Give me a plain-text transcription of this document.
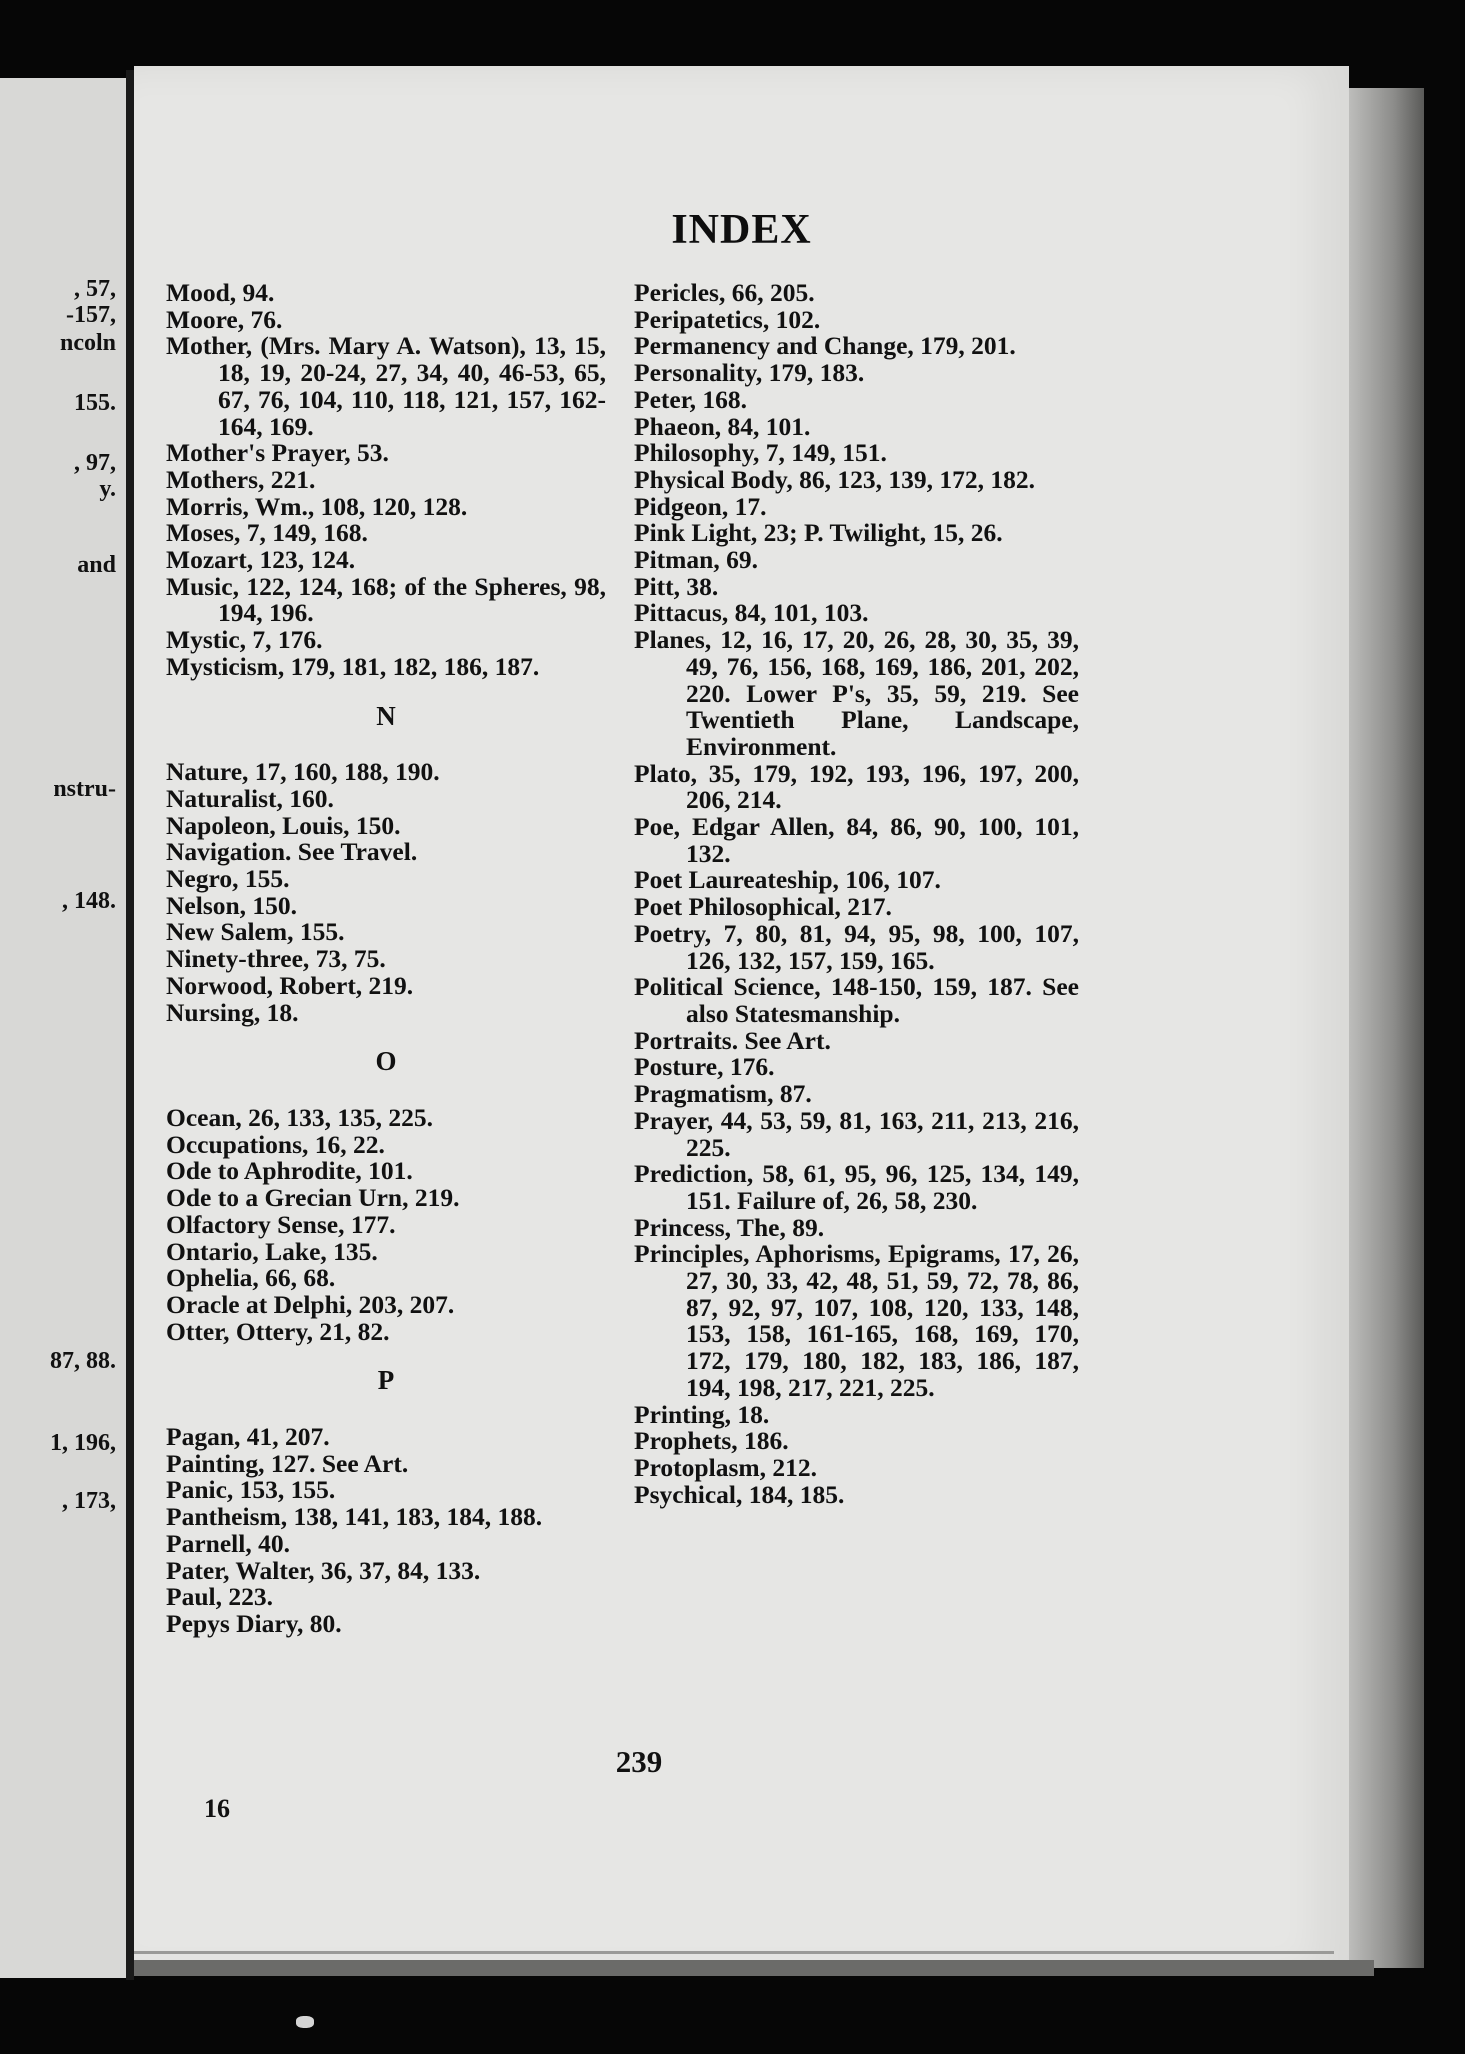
, 57,
-157,
ncoln
155.
, 97,
y.
and
nstru-
, 148.
87, 88.
1, 196,
, 173,
INDEX
Mood, 94.
Moore, 76.
Mother, (Mrs. Mary A. Watson), 13, 15, 18, 19, 20-24, 27, 34, 40, 46-53, 65, 67, 76, 104, 110, 118, 121, 157, 162-164, 169.
Mother's Prayer, 53.
Mothers, 221.
Morris, Wm., 108, 120, 128.
Moses, 7, 149, 168.
Mozart, 123, 124.
Music, 122, 124, 168; of the Spheres, 98, 194, 196.
Mystic, 7, 176.
Mysticism, 179, 181, 182, 186, 187.
N
Nature, 17, 160, 188, 190.
Naturalist, 160.
Napoleon, Louis, 150.
Navigation. See Travel.
Negro, 155.
Nelson, 150.
New Salem, 155.
Ninety-three, 73, 75.
Norwood, Robert, 219.
Nursing, 18.
O
Ocean, 26, 133, 135, 225.
Occupations, 16, 22.
Ode to Aphrodite, 101.
Ode to a Grecian Urn, 219.
Olfactory Sense, 177.
Ontario, Lake, 135.
Ophelia, 66, 68.
Oracle at Delphi, 203, 207.
Otter, Ottery, 21, 82.
P
Pagan, 41, 207.
Painting, 127. See Art.
Panic, 153, 155.
Pantheism, 138, 141, 183, 184, 188.
Parnell, 40.
Pater, Walter, 36, 37, 84, 133.
Paul, 223.
Pepys Diary, 80.
Pericles, 66, 205.
Peripatetics, 102.
Permanency and Change, 179, 201.
Personality, 179, 183.
Peter, 168.
Phaeon, 84, 101.
Philosophy, 7, 149, 151.
Physical Body, 86, 123, 139, 172, 182.
Pidgeon, 17.
Pink Light, 23; P. Twilight, 15, 26.
Pitman, 69.
Pitt, 38.
Pittacus, 84, 101, 103.
Planes, 12, 16, 17, 20, 26, 28, 30, 35, 39, 49, 76, 156, 168, 169, 186, 201, 202, 220. Lower P's, 35, 59, 219. See Twentieth Plane, Landscape, Environment.
Plato, 35, 179, 192, 193, 196, 197, 200, 206, 214.
Poe, Edgar Allen, 84, 86, 90, 100, 101, 132.
Poet Laureateship, 106, 107.
Poet Philosophical, 217.
Poetry, 7, 80, 81, 94, 95, 98, 100, 107, 126, 132, 157, 159, 165.
Political Science, 148-150, 159, 187. See also Statesmanship.
Portraits. See Art.
Posture, 176.
Pragmatism, 87.
Prayer, 44, 53, 59, 81, 163, 211, 213, 216, 225.
Prediction, 58, 61, 95, 96, 125, 134, 149, 151. Failure of, 26, 58, 230.
Princess, The, 89.
Principles, Aphorisms, Epigrams, 17, 26, 27, 30, 33, 42, 48, 51, 59, 72, 78, 86, 87, 92, 97, 107, 108, 120, 133, 148, 153, 158, 161-165, 168, 169, 170, 172, 179, 180, 182, 183, 186, 187, 194, 198, 217, 221, 225.
Printing, 18.
Prophets, 186.
Protoplasm, 212.
Psychical, 184, 185.
239
16
